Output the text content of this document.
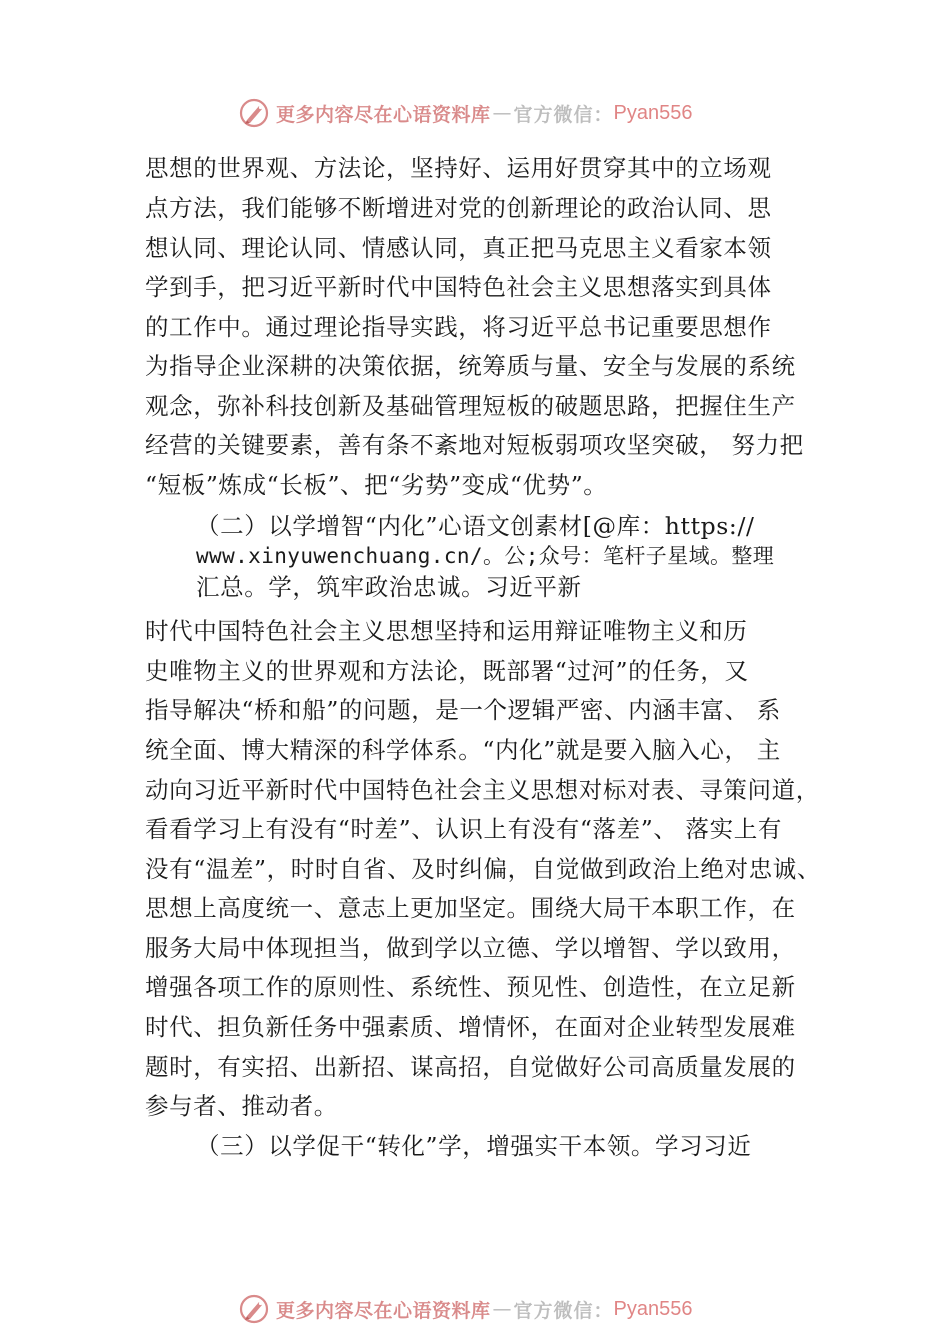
更多内容尽在心语资料库 — 官方微信： Pyan556
思想的世界观、方法论，坚持好、运用好贯穿其中的立场观
点方法，我们能够不断增进对党的创新理论的政治认同、思
想认同、理论认同、情感认同，真正把马克思主义看家本领
学到手，把习近平新时代中国特色社会主义思想落实到具体
的工作中。通过理论指导实践，将习近平总书记重要思想作
为指导企业深耕的决策依据，统筹质与量、安全与发展的系统
观念，弥补科技创新及基础管理短板的破题思路，把握住生产
经营的关键要素，善有条不紊地对短板弱项攻坚突破， 努力把
“短板”炼成“长板”、把“劣势”变成“优势”。
（二）以学增智“内化”心语文创素材[@库：https://
www.xinyuwenchuang.cn/。公;众号：笔杆子星域。整理
汇总。学，筑牢政治忠诚。习近平新
时代中国特色社会主义思想坚持和运用辩证唯物主义和历
史唯物主义的世界观和方法论，既部署“过河”的任务，又
指导解决“桥和船”的问题，是一个逻辑严密、内涵丰富、 系
统全面、博大精深的科学体系。“内化”就是要入脑入心， 主
动向习近平新时代中国特色社会主义思想对标对表、寻策问道，
看看学习上有没有“时差”、认识上有没有“落差”、 落实上有
没有“温差”，时时自省、及时纠偏，自觉做到政治上绝对忠诚、
思想上高度统一、意志上更加坚定。围绕大局干本职工作，在
服务大局中体现担当，做到学以立德、学以增智、学以致用，
增强各项工作的原则性、系统性、预见性、创造性，在立足新
时代、担负新任务中强素质、增情怀，在面对企业转型发展难
题时，有实招、出新招、谋高招，自觉做好公司高质量发展的
参与者、推动者。
（三）以学促干“转化”学，增强实干本领。学习习近
更多内容尽在心语资料库 — 官方微信： Pyan556
